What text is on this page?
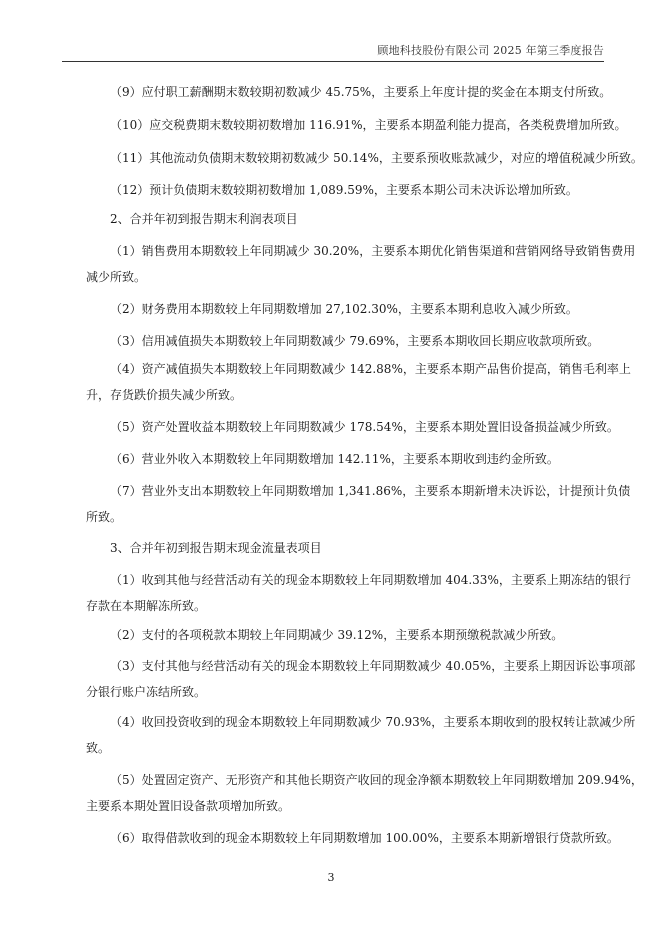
顾地科技股份有限公司 2025 年第三季度报告
（9）应付职工薪酬期末数较期初数减少 45.75%，主要系上年度计提的奖金在本期支付所致。
（10）应交税费期末数较期初数增加 116.91%，主要系本期盈利能力提高，各类税费增加所致。
（11）其他流动负债期末数较期初数减少 50.14%，主要系预收账款减少，对应的增值税减少所致。
（12）预计负债期末数较期初数增加 1,089.59%，主要系本期公司未决诉讼增加所致。
2、合并年初到报告期末利润表项目
（1）销售费用本期数较上年同期减少 30.20%，主要系本期优化销售渠道和营销网络导致销售费用
减少所致。
（2）财务费用本期数较上年同期数增加 27,102.30%，主要系本期利息收入减少所致。
（3）信用减值损失本期数较上年同期数减少 79.69%，主要系本期收回长期应收款项所致。
（4）资产减值损失本期数较上年同期数减少 142.88%，主要系本期产品售价提高，销售毛利率上
升，存货跌价损失减少所致。
（5）资产处置收益本期数较上年同期数减少 178.54%，主要系本期处置旧设备损益减少所致。
（6）营业外收入本期数较上年同期数增加 142.11%，主要系本期收到违约金所致。
（7）营业外支出本期数较上年同期数增加 1,341.86%，主要系本期新增未决诉讼，计提预计负债
所致。
3、合并年初到报告期末现金流量表项目
（1）收到其他与经营活动有关的现金本期数较上年同期数增加 404.33%，主要系上期冻结的银行
存款在本期解冻所致。
（2）支付的各项税款本期较上年同期减少 39.12%，主要系本期预缴税款减少所致。
（3）支付其他与经营活动有关的现金本期数较上年同期数减少 40.05%，主要系上期因诉讼事项部
分银行账户冻结所致。
（4）收回投资收到的现金本期数较上年同期数减少 70.93%，主要系本期收到的股权转让款减少所
致。
（5）处置固定资产、无形资产和其他长期资产收回的现金净额本期数较上年同期数增加 209.94%，
主要系本期处置旧设备款项增加所致。
（6）取得借款收到的现金本期数较上年同期数增加 100.00%，主要系本期新增银行贷款所致。
3
